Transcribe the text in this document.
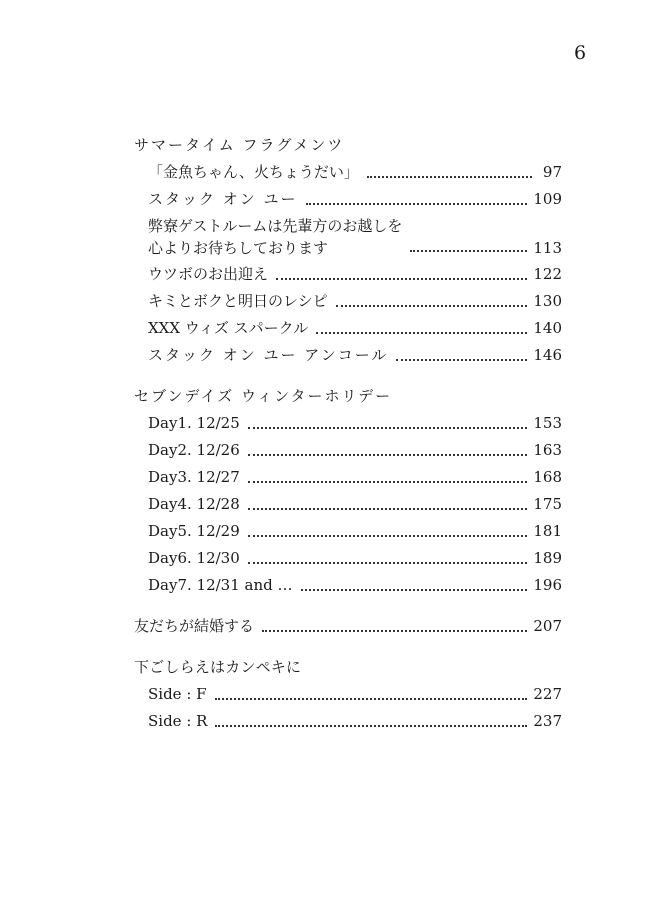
6
サマータイム フラグメンツ
「金魚ちゃん、火ちょうだい」	97
スタック オン ユー	109
弊寮ゲストルームは先輩方のお越しを
心よりお待ちしております	113
ウツボのお出迎え	122
キミとボクと明日のレシピ	130
XXX ウィズ スパークル	140
スタック オン ユー アンコール	146
セブンデイズ ウィンターホリデー
Day1. 12/25	153
Day2. 12/26	163
Day3. 12/27	168
Day4. 12/28	175
Day5. 12/29	181
Day6. 12/30	189
Day7. 12/31 and …	196
友だちが結婚する	207
下ごしらえはカンペキに
Side : F	227
Side : R	237
